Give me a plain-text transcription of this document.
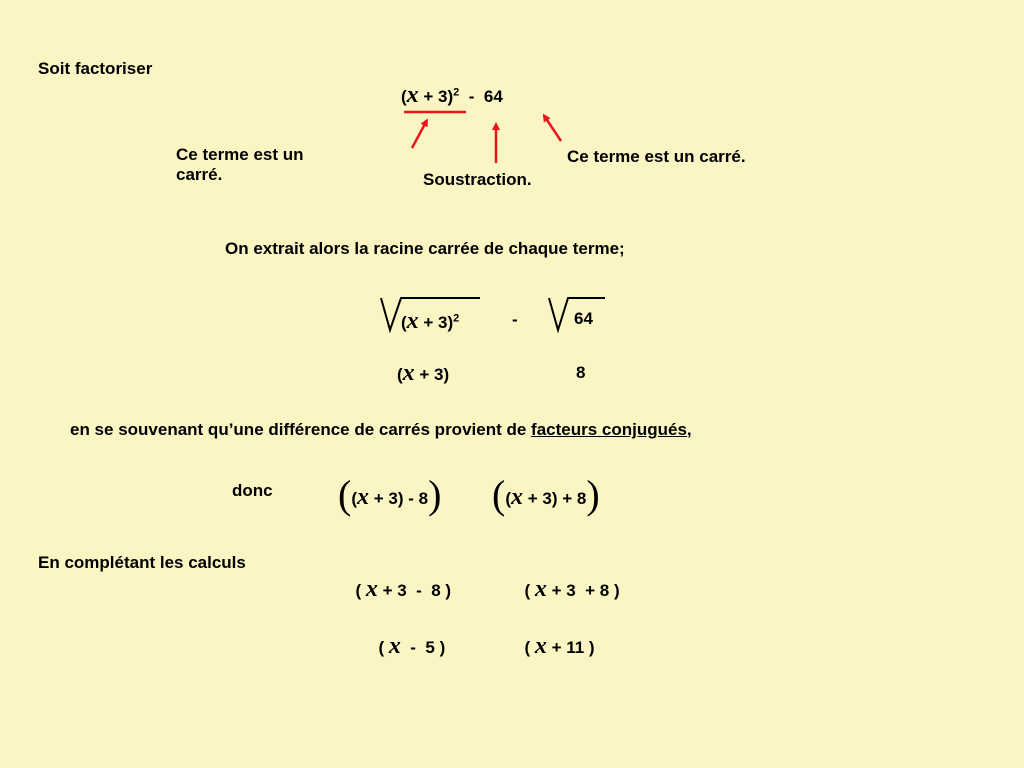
Soit factoriser
$(x + 3)^2 - 64$
Ce terme est un
carré.	Soustraction.
Ce terme est un carré.
On extrait alors la racine carrée de chaque terme;
$(x + 3)^2$	-	64
(x + 3)	8
en se souvenant qu’une différence de carrés provient de facteurs conjugués,
donc ((x + 3) - 8) ((x + 3) + 8)
En complétant les calculs

( x + 3  -  8 )	( x + 3  + 8 )

( x  -  5 )	( x + 11 )
